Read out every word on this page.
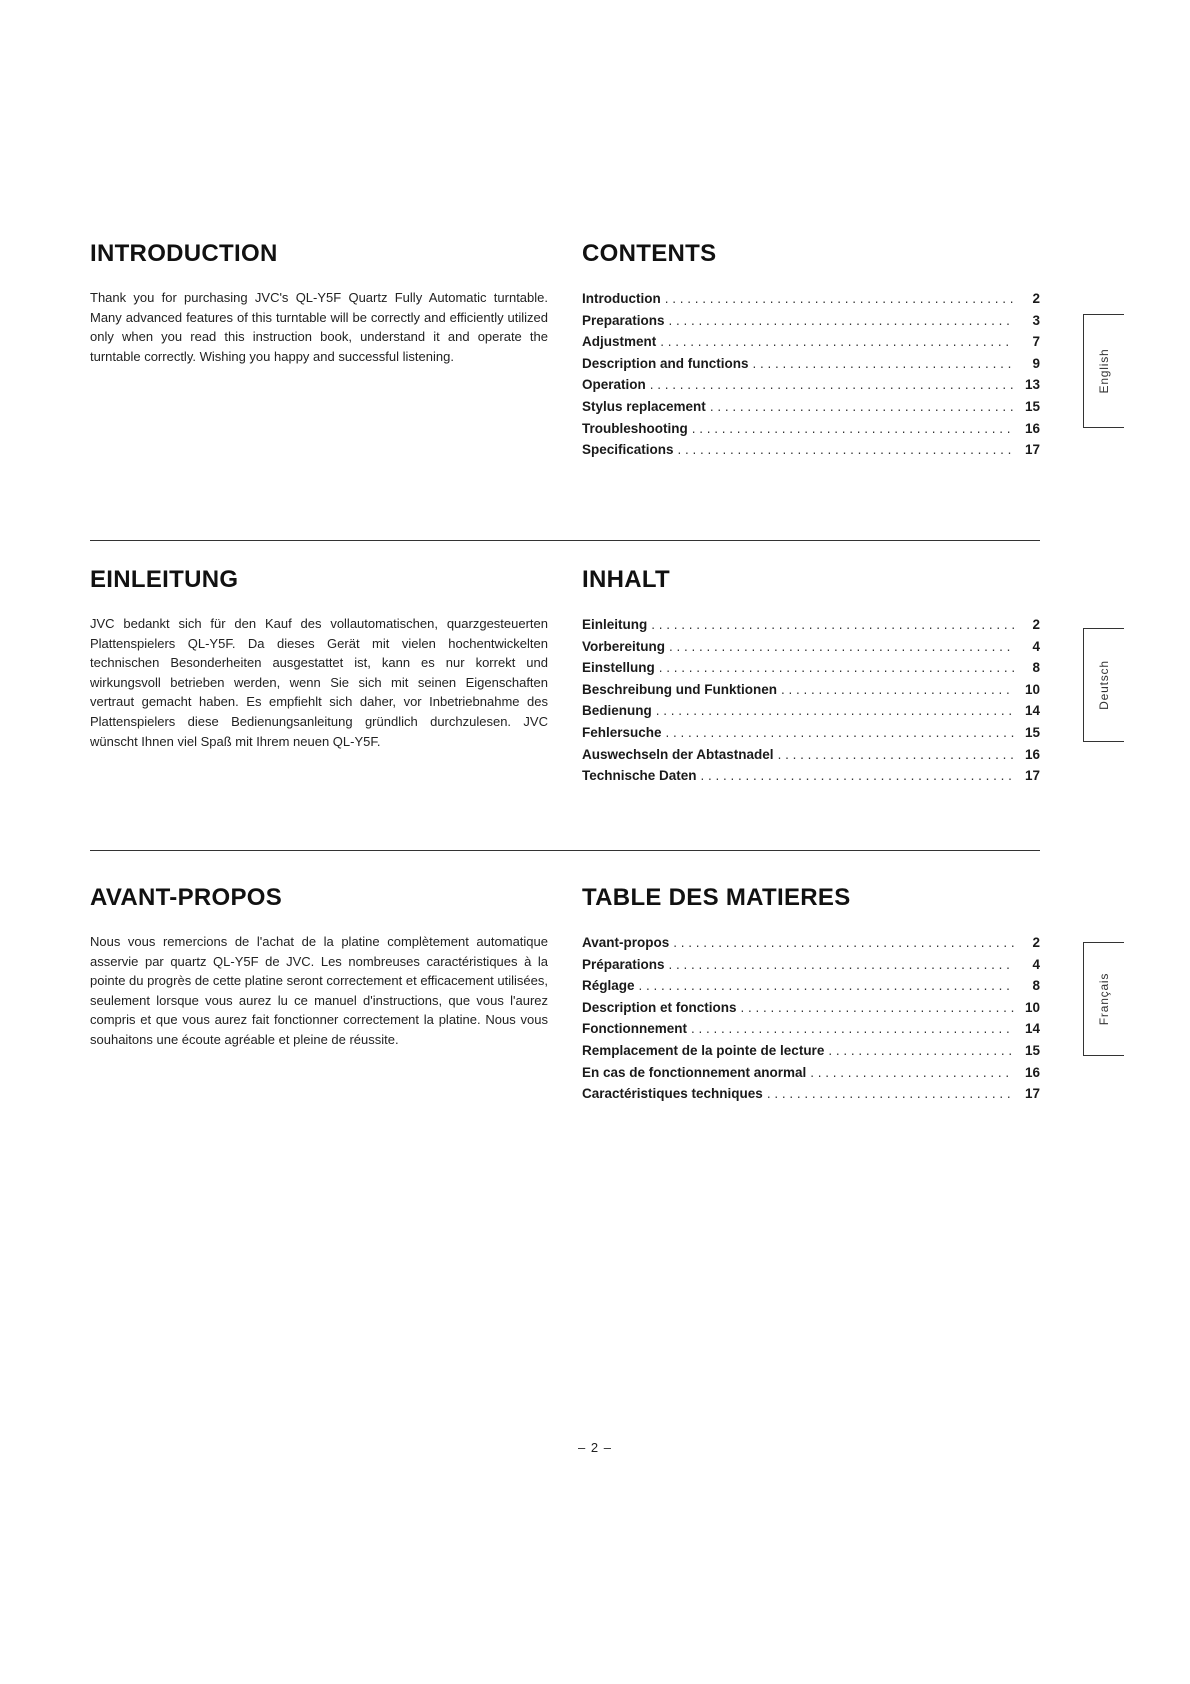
INTRODUCTION

Thank you for purchasing JVC's QL-Y5F Quartz Fully Automatic turntable. Many advanced features of this turntable will be correctly and efficiently utilized only when you read this instruction book, understand it and operate the turntable correctly. Wishing you happy and successful listening.

CONTENTS
Introduction . . .	2
Preparations . . .	3
Adjustment . . .	7
Description and functions . . .	9
Operation . . .	13
Stylus replacement . . .	15
Troubleshooting . . .	16
Specifications . . .	17
English
EINLEITUNG

JVC bedankt sich für den Kauf des vollautomatischen, quarzgesteuerten Plattenspielers QL-Y5F. Da dieses Gerät mit vielen hochentwickelten technischen Besonderheiten ausgestattet ist, kann es nur korrekt und wirkungsvoll betrieben werden, wenn Sie sich mit seinen Eigenschaften vertraut gemacht haben. Es empfiehlt sich daher, vor Inbetriebnahme des Plattenspielers diese Bedienungsanleitung gründlich durchzulesen. JVC wünscht Ihnen viel Spaß mit Ihrem neuen QL-Y5F.

INHALT
Einleitung . . .	2
Vorbereitung . . .	4
Einstellung . . .	8
Beschreibung und Funktionen . . .	10
Bedienung . . .	14
Fehlersuche . . .	15
Auswechseln der Abtastnadel . . .	16
Technische Daten . . .	17
Deutsch
AVANT-PROPOS

Nous vous remercions de l'achat de la platine complètement automatique asservie par quartz QL-Y5F de JVC. Les nombreuses caractéristiques à la pointe du progrès de cette platine seront correctement et efficacement utilisées, seulement lorsque vous aurez lu ce manuel d'instructions, que vous l'aurez compris et que vous aurez fait fonctionner correctement la platine. Nous vous souhaitons une écoute agréable et pleine de réussite.

TABLE DES MATIERES
Avant-propos . . .	2
Préparations . . .	4
Réglage . . .	8
Description et fonctions . . .	10
Fonctionnement . . .	14
Remplacement de la pointe de lecture . . .	15
En cas de fonctionnement anormal . . .	16
Caractéristiques techniques . . .	17
Français
– 2 –
